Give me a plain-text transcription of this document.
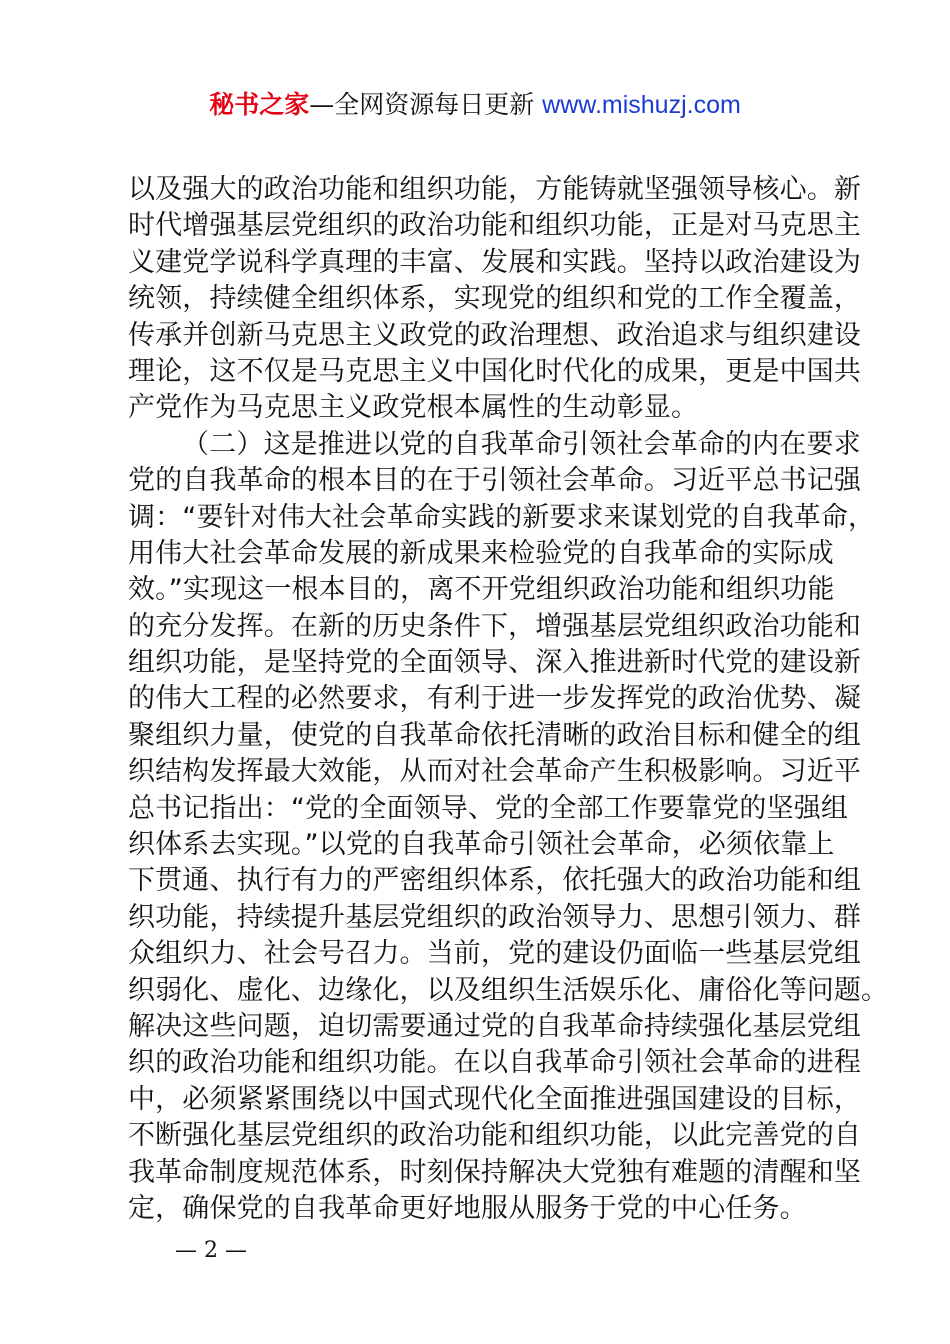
秘书之家—全网资源每日更新 www.mishuzj.com
以及强大的政治功能和组织功能，方能铸就坚强领导核心。新
时代增强基层党组织的政治功能和组织功能，正是对马克思主
义建党学说科学真理的丰富、发展和实践。坚持以政治建设为
统领，持续健全组织体系，实现党的组织和党的工作全覆盖，
传承并创新马克思主义政党的政治理想、政治追求与组织建设
理论，这不仅是马克思主义中国化时代化的成果，更是中国共
产党作为马克思主义政党根本属性的生动彰显。
（二）这是推进以党的自我革命引领社会革命的内在要求
党的自我革命的根本目的在于引领社会革命。习近平总书记强
调：“要针对伟大社会革命实践的新要求来谋划党的自我革命，
用伟大社会革命发展的新成果来检验党的自我革命的实际成
效。”实现这一根本目的，离不开党组织政治功能和组织功能
的充分发挥。在新的历史条件下，增强基层党组织政治功能和
组织功能，是坚持党的全面领导、深入推进新时代党的建设新
的伟大工程的必然要求，有利于进一步发挥党的政治优势、凝
聚组织力量，使党的自我革命依托清晰的政治目标和健全的组
织结构发挥最大效能，从而对社会革命产生积极影响。习近平
总书记指出：“党的全面领导、党的全部工作要靠党的坚强组
织体系去实现。”以党的自我革命引领社会革命，必须依靠上
下贯通、执行有力的严密组织体系，依托强大的政治功能和组
织功能，持续提升基层党组织的政治领导力、思想引领力、群
众组织力、社会号召力。当前，党的建设仍面临一些基层党组
织弱化、虚化、边缘化，以及组织生活娱乐化、庸俗化等问题。
解决这些问题，迫切需要通过党的自我革命持续强化基层党组
织的政治功能和组织功能。在以自我革命引领社会革命的进程
中，必须紧紧围绕以中国式现代化全面推进强国建设的目标，
不断强化基层党组织的政治功能和组织功能，以此完善党的自
我革命制度规范体系，时刻保持解决大党独有难题的清醒和坚
定，确保党的自我革命更好地服从服务于党的中心任务。
— 2 —
